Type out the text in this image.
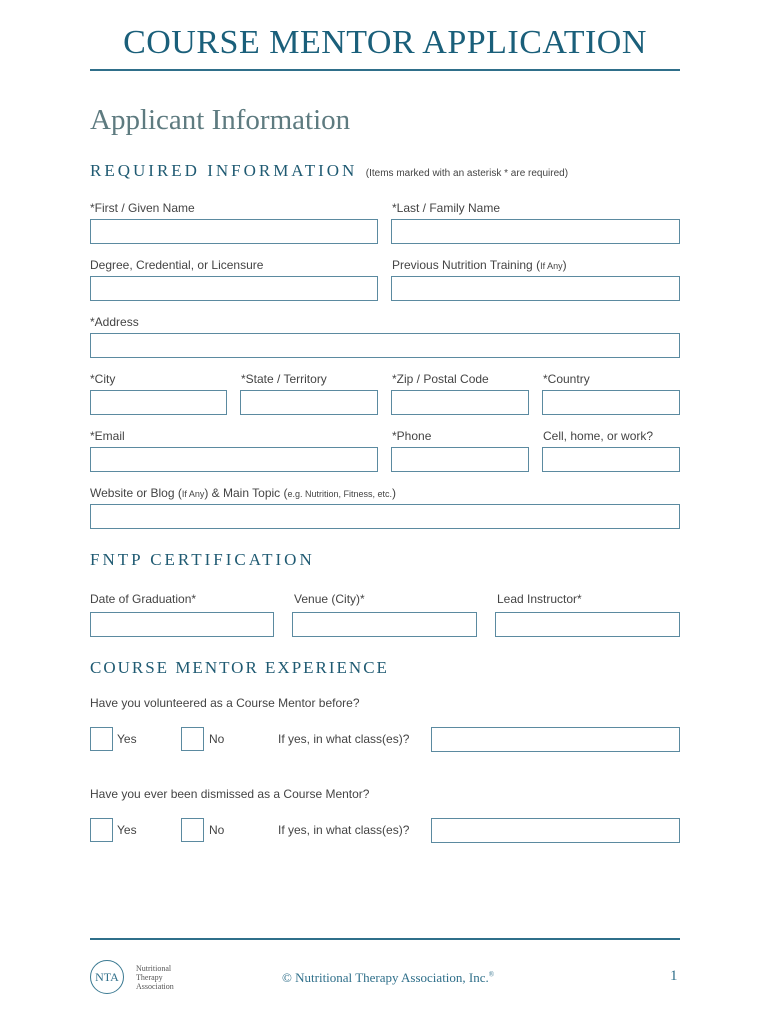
COURSE MENTOR APPLICATION
Applicant Information
REQUIRED INFORMATION (Items marked with an asterisk * are required)
*First / Given Name	*Last / Family Name
Degree, Credential, or Licensure	Previous Nutrition Training (If Any)
*Address
*City	*State / Territory	*Zip / Postal Code	*Country
*Email	*Phone	Cell, home, or work?
Website or Blog (If Any) & Main Topic (e.g. Nutrition, Fitness, etc.)
FNTP CERTIFICATION
Date of Graduation*	Venue (City)*	Lead Instructor*
COURSE MENTOR EXPERIENCE
Have you volunteered as a Course Mentor before?
Yes	No	If yes, in what class(es)?
Have you ever been dismissed as a Course Mentor?
Yes	No	If yes, in what class(es)?
NTA
Nutritional
Therapy
Association
© Nutritional Therapy Association, Inc.®	1
